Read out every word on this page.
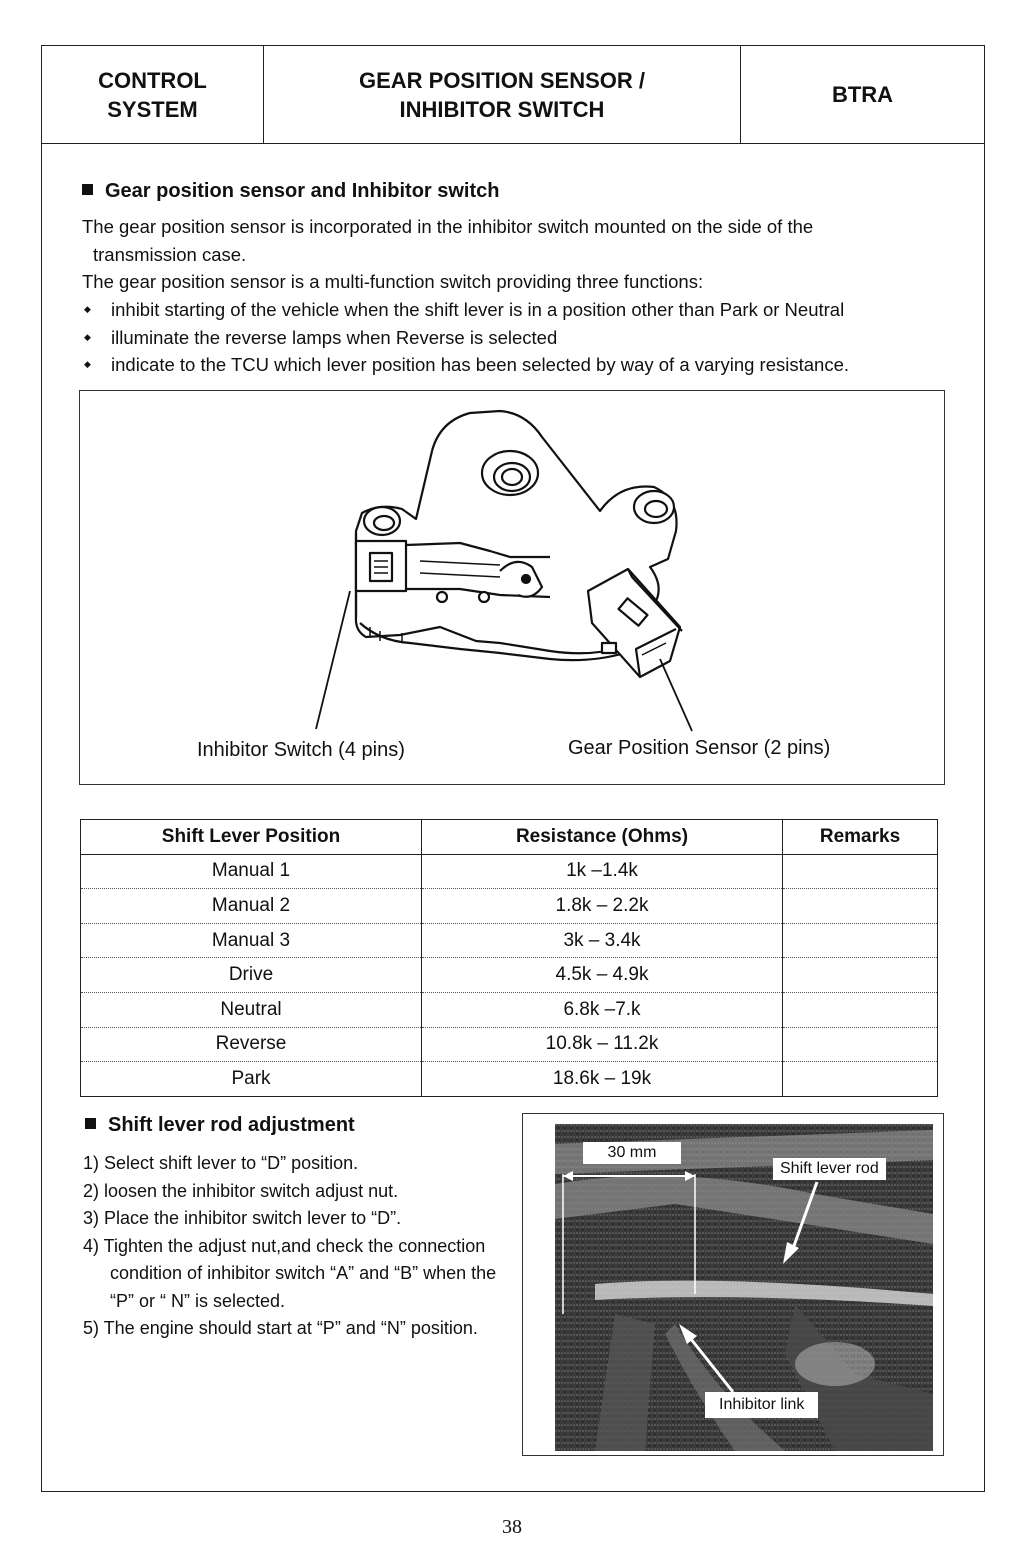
CONTROL
SYSTEM
GEAR POSITION SENSOR /
INHIBITOR SWITCH
BTRA
Gear position sensor and Inhibitor switch

The gear position sensor is incorporated in the inhibitor switch mounted on the side of the

transmission case.

The gear position sensor is a multi-function switch providing three functions:

◆ inhibit starting of the vehicle when the shift lever is in a position other than Park or Neutral
◆ illuminate the reverse lamps when Reverse is selected
◆ indicate to the TCU which lever position has been selected by way of a varying resistance.
Inhibitor Switch (4 pins)	Gear Position Sensor (2 pins)
Shift Lever Position	Resistance (Ohms)	Remarks
Manual 1	1k –1.4k	
Manual 2	1.8k – 2.2k	
Manual 3	3k – 3.4k	
Drive	4.5k – 4.9k	
Neutral	6.8k –7.k	
Reverse	10.8k – 11.2k	
Park	18.6k – 19k	
Shift lever rod adjustment
1) Select shift lever to “D” position.
2) loosen the inhibitor switch adjust nut.
3) Place the inhibitor switch lever to “D”.
4) Tighten the adjust nut,and check the connection condition of inhibitor switch “A” and “B” when the “P” or “ N” is selected.
5) The engine should start at “P” and “N” position.
30 mm
Shift lever rod
Inhibitor link
38
